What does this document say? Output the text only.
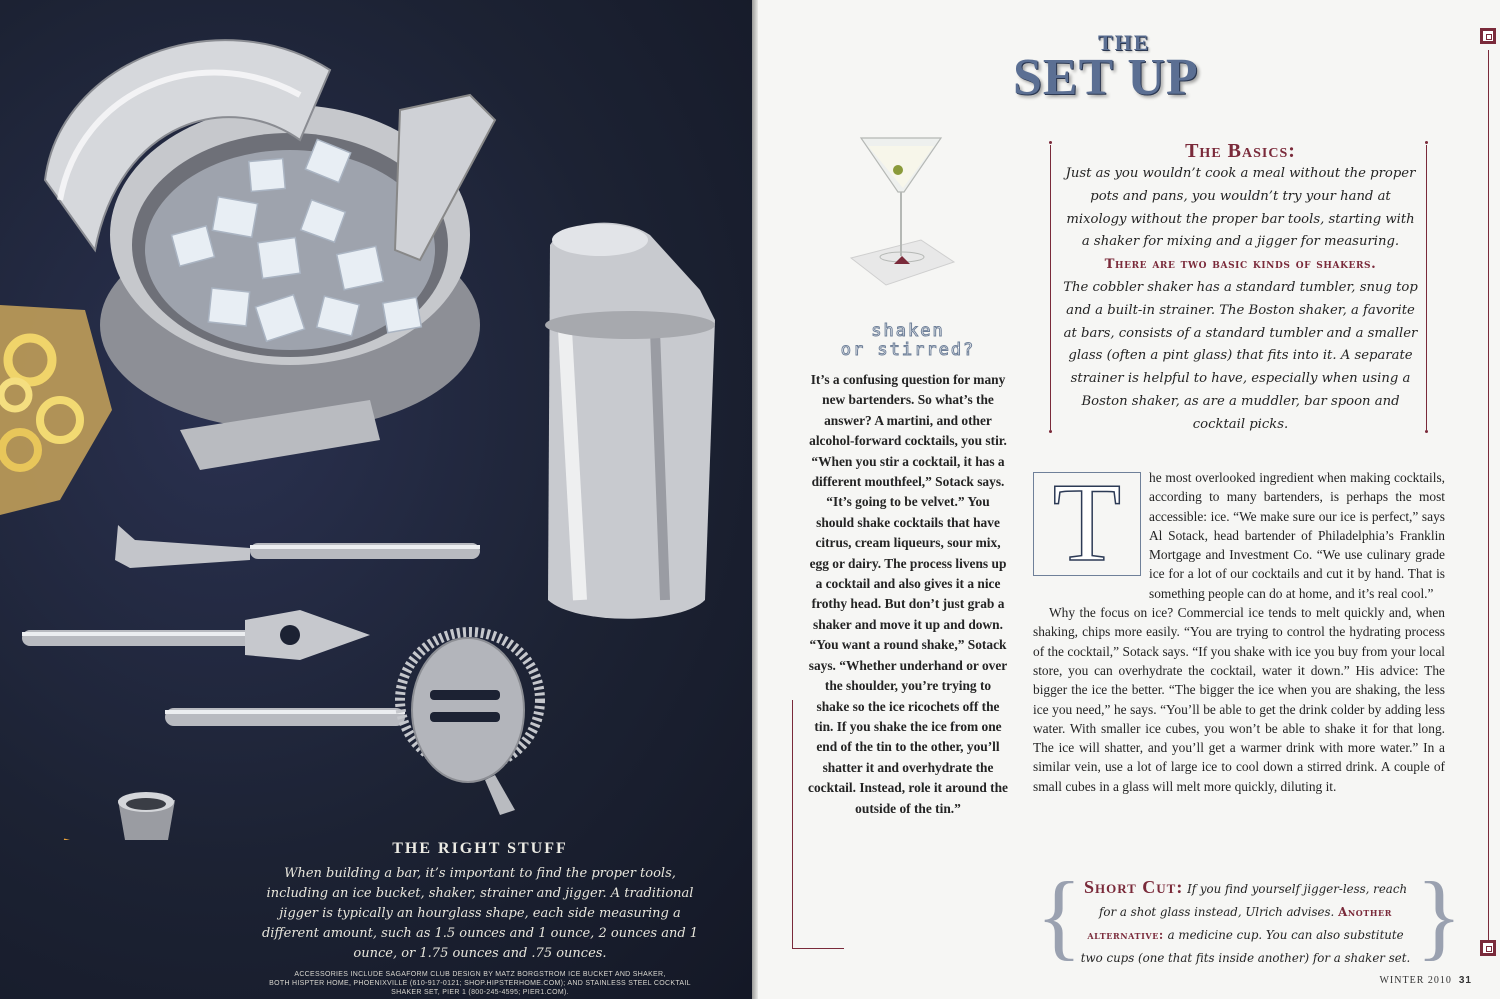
THE RIGHT STUFF

When building a bar, it’s important to find the proper tools, including an ice bucket, shaker, strainer and jigger. A traditional jigger is typically an hourglass shape, each side measuring a different amount, such as 1.5 ounces and 1 ounce, 2 ounces and 1 ounce, or 1.75 ounces and .75 ounces.

ACCESSORIES INCLUDE SAGAFORM CLUB DESIGN BY MATZ BORGSTROM ICE BUCKET AND SHAKER,
BOTH HISPTER HOME, PHOENIXVILLE (610-917-0121; SHOP.HIPSTERHOME.COM); AND STAINLESS STEEL COCKTAIL
SHAKER SET, PIER 1 (800-245-4595; PIER1.COM).
THE
SET UP
shaken
or stirred?

It’s a confusing question for many new bartenders. So what’s the answer? A martini, and other alcohol-forward cocktails, you stir. “When you stir a cocktail, it has a different mouthfeel,” Sotack says. “It’s going to be velvet.” You should shake cocktails that have citrus, cream liqueurs, sour mix, egg or dairy. The process livens up a cocktail and also gives it a nice frothy head. But don’t just grab a shaker and move it up and down. “You want a round shake,” Sotack says. “Whether underhand or over the shoulder, you’re trying to shake so the ice ricochets off the tin. If you shake the ice from one end of the tin to the other, you’ll shatter it and overhydrate the cocktail. Instead, role it around the outside of the tin.”

The Basics:

Just as you wouldn’t cook a meal without the proper pots and pans, you wouldn’t try your hand at mixology without the proper bar tools, starting with a shaker for mixing and a jigger for measuring.
There are two basic kinds of shakers.
The cobbler shaker has a standard tumbler, snug top and a built-in strainer. The Boston shaker, a favorite at bars, consists of a standard tumbler and a smaller glass (often a pint glass) that fits into it. A separate strainer is helpful to have, especially when using a Boston shaker, as are a muddler, bar spoon and cocktail picks.

T	he most overlooked ingredient when making cocktails, according to many bartenders, is perhaps the most accessible: ice. “We make sure our ice is perfect,” says Al Sotack, head bartender of Philadelphia’s Franklin Mortgage and Investment Co. “We use culinary grade ice for a lot of our cocktails and cut it by hand. That is something people can do at home, and it’s real cool.”

Why the focus on ice? Commercial ice tends to melt quickly and, when shaking, chips more easily. “You are trying to control the hydrating process of the cocktail,” Sotack says. “If you shake with ice you buy from your local store, you can overhydrate the cocktail, water it down.” His advice: The bigger the ice the better. “The bigger the ice when you are shaking, the less ice you need,” he says. “You’ll be able to get the drink colder by adding less water. With smaller ice cubes, you won’t be able to shake it for that long. The ice will shatter, and you’ll get a warmer drink with more water.” In a similar vein, use a lot of large ice to cool down a stirred drink. A couple of small cubes in a glass will melt more quickly, diluting it.

{ Short Cut: If you find yourself jigger-less, reach for a shot glass instead, Ulrich advises. Another alternative: a medicine cup. You can also substitute two cups (one that fits inside another) for a shaker set. }
WINTER 2010 31
